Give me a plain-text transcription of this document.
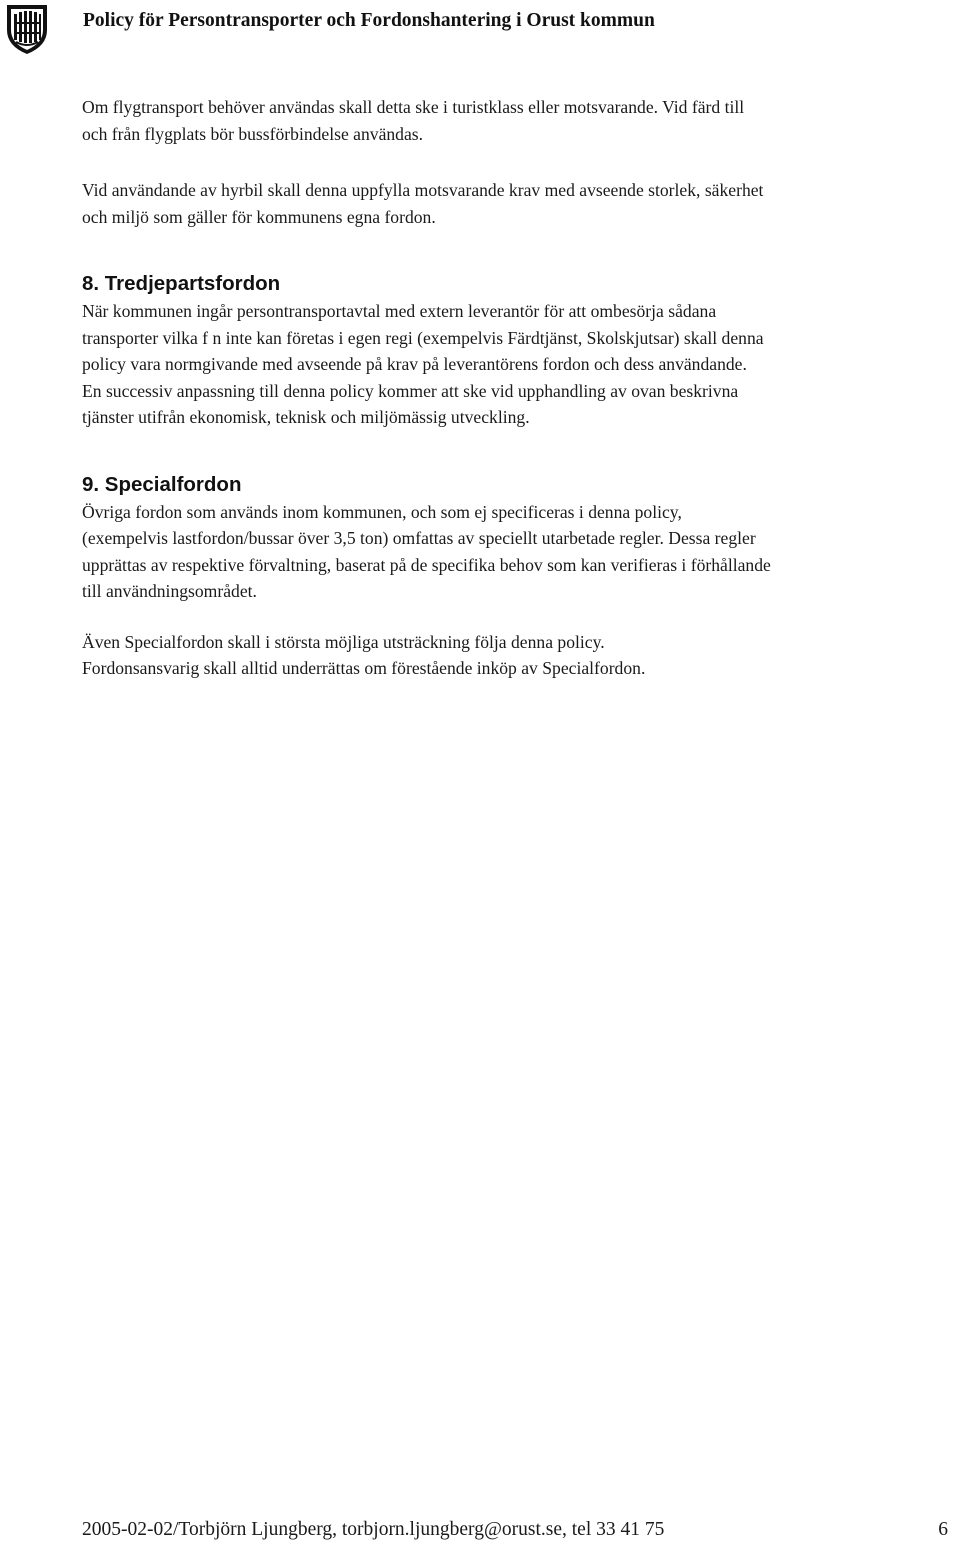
Policy för Persontransporter och Fordonshantering i Orust kommun

Om flygtransport behöver användas skall detta ske i turistklass eller motsvarande. Vid färd till

och från flygplats bör bussförbindelse användas.

Vid användande av hyrbil skall denna uppfylla motsvarande krav med avseende storlek, säkerhet

och miljö som gäller för kommunens egna fordon.

8. Tredjepartsfordon

När kommunen ingår persontransportavtal med extern leverantör för att ombesörja sådana

transporter vilka f n inte kan företas i egen regi (exempelvis Färdtjänst, Skolskjutsar) skall denna

policy vara normgivande med avseende på krav på leverantörens fordon och dess användande.

En successiv anpassning till denna policy kommer att ske vid upphandling av ovan beskrivna

tjänster utifrån ekonomisk, teknisk och miljömässig utveckling.

9. Specialfordon

Övriga fordon som används inom kommunen, och som ej specificeras i denna policy,

(exempelvis lastfordon/bussar över 3,5 ton) omfattas av speciellt utarbetade regler. Dessa regler

upprättas av respektive förvaltning, baserat på de specifika behov som kan verifieras i förhållande

till användningsområdet.

Även Specialfordon skall i största möjliga utsträckning följa denna policy.

Fordonsansvarig skall alltid underrättas om förestående inköp av Specialfordon.

2005-02-02/Torbjörn Ljungberg, torbjorn.ljungberg@orust.se, tel 33 41 75	6
